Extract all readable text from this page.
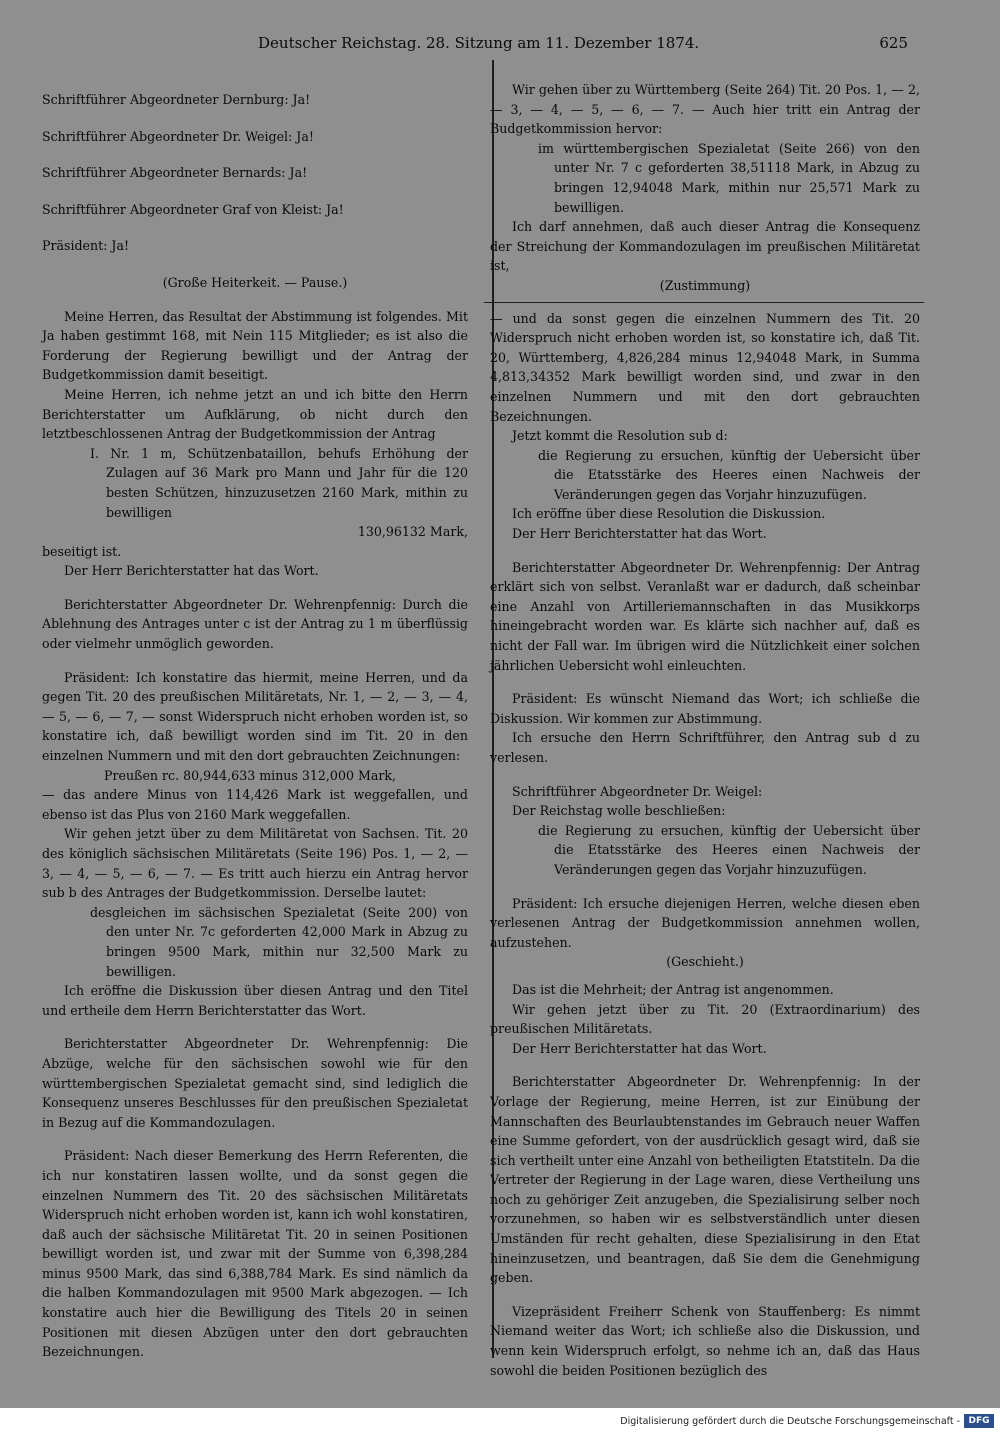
Deutscher Reichstag. 28. Sitzung am 11. Dezember 1874.	625

Schriftführer Abgeordneter Dernburg: Ja!

Schriftführer Abgeordneter Dr. Weigel: Ja!

Schriftführer Abgeordneter Bernards: Ja!

Schriftführer Abgeordneter Graf von Kleist: Ja!

Präsident: Ja!

(Große Heiterkeit. — Pause.)

Meine Herren, das Resultat der Abstimmung ist folgendes. Mit Ja haben gestimmt 168, mit Nein 115 Mitglieder; es ist also die Forderung der Regierung bewilligt und der Antrag der Budgetkommission damit beseitigt.

Meine Herren, ich nehme jetzt an und ich bitte den Herrn Berichterstatter um Aufklärung, ob nicht durch den letztbeschlossenen Antrag der Budgetkommission der Antrag

I. Nr. 1 m, Schützenbataillon, behufs Erhöhung der Zulagen auf 36 Mark pro Mann und Jahr für die 120 besten Schützen, hinzuzusetzen 2160 Mark, mithin zu bewilligen

130,96132 Mark,

beseitigt ist.

Der Herr Berichterstatter hat das Wort.

Berichterstatter Abgeordneter Dr. Wehrenpfennig: Durch die Ablehnung des Antrages unter c ist der Antrag zu 1 m überflüssig oder vielmehr unmöglich geworden.

Präsident: Ich konstatire das hiermit, meine Herren, und da gegen Tit. 20 des preußischen Militäretats, Nr. 1, — 2, — 3, — 4, — 5, — 6, — 7, — sonst Widerspruch nicht erhoben worden ist, so konstatire ich, daß bewilligt worden sind im Tit. 20 in den einzelnen Nummern und mit den dort gebrauchten Zeichnungen:

Preußen rc. 80,944,633 minus 312,000 Mark,

— das andere Minus von 114,426 Mark ist weggefallen, und ebenso ist das Plus von 2160 Mark weggefallen.

Wir gehen jetzt über zu dem Militäretat von Sachsen. Tit. 20 des königlich sächsischen Militäretats (Seite 196) Pos. 1, — 2, — 3, — 4, — 5, — 6, — 7. — Es tritt auch hierzu ein Antrag hervor sub b des Antrages der Budgetkommission. Derselbe lautet:

desgleichen im sächsischen Spezialetat (Seite 200) von den unter Nr. 7c geforderten 42,000 Mark in Abzug zu bringen 9500 Mark, mithin nur 32,500 Mark zu bewilligen.

Ich eröffne die Diskussion über diesen Antrag und den Titel und ertheile dem Herrn Berichterstatter das Wort.

Berichterstatter Abgeordneter Dr. Wehrenpfennig: Die Abzüge, welche für den sächsischen sowohl wie für den württembergischen Spezialetat gemacht sind, sind lediglich die Konsequenz unseres Beschlusses für den preußischen Spezialetat in Bezug auf die Kommandozulagen.

Präsident: Nach dieser Bemerkung des Herrn Referenten, die ich nur konstatiren lassen wollte, und da sonst gegen die einzelnen Nummern des Tit. 20 des sächsischen Militäretats Widerspruch nicht erhoben worden ist, kann ich wohl konstatiren, daß auch der sächsische Militäretat Tit. 20 in seinen Positionen bewilligt worden ist, und zwar mit der Summe von 6,398,284 minus 9500 Mark, das sind 6,388,784 Mark. Es sind nämlich da die halben Kommandozulagen mit 9500 Mark abgezogen. — Ich konstatire auch hier die Bewilligung des Titels 20 in seinen Positionen mit diesen Abzügen unter den dort gebrauchten Bezeichnungen.

Wir gehen über zu Württemberg (Seite 264) Tit. 20 Pos. 1, — 2, — 3, — 4, — 5, — 6, — 7. — Auch hier tritt ein Antrag der Budgetkommission hervor:

im württembergischen Spezialetat (Seite 266) von den unter Nr. 7 c geforderten 38,51118 Mark, in Abzug zu bringen 12,94048 Mark, mithin nur 25,571 Mark zu bewilligen.

Ich darf annehmen, daß auch dieser Antrag die Konsequenz der Streichung der Kommandozulagen im preußischen Militäretat ist,

(Zustimmung)

— und da sonst gegen die einzelnen Nummern des Tit. 20 Widerspruch nicht erhoben worden ist, so konstatire ich, daß Tit. 20, Württemberg, 4,826,284 minus 12,94048 Mark, in Summa 4,813,34352 Mark bewilligt worden sind, und zwar in den einzelnen Nummern und mit den dort gebrauchten Bezeichnungen.

Jetzt kommt die Resolution sub d:

die Regierung zu ersuchen, künftig der Uebersicht über die Etatsstärke des Heeres einen Nachweis der Veränderungen gegen das Vorjahr hinzuzufügen.

Ich eröffne über diese Resolution die Diskussion.

Der Herr Berichterstatter hat das Wort.

Berichterstatter Abgeordneter Dr. Wehrenpfennig: Der Antrag erklärt sich von selbst. Veranlaßt war er dadurch, daß scheinbar eine Anzahl von Artilleriemannschaften in das Musikkorps hineingebracht worden war. Es klärte sich nachher auf, daß es nicht der Fall war. Im übrigen wird die Nützlichkeit einer solchen jährlichen Uebersicht wohl einleuchten.

Präsident: Es wünscht Niemand das Wort; ich schließe die Diskussion. Wir kommen zur Abstimmung.

Ich ersuche den Herrn Schriftführer, den Antrag sub d zu verlesen.

Schriftführer Abgeordneter Dr. Weigel:

Der Reichstag wolle beschließen:

die Regierung zu ersuchen, künftig der Uebersicht über die Etatsstärke des Heeres einen Nachweis der Veränderungen gegen das Vorjahr hinzuzufügen.

Präsident: Ich ersuche diejenigen Herren, welche diesen eben verlesenen Antrag der Budgetkommission annehmen wollen, aufzustehen.

(Geschieht.)

Das ist die Mehrheit; der Antrag ist angenommen.

Wir gehen jetzt über zu Tit. 20 (Extraordinarium) des preußischen Militäretats.

Der Herr Berichterstatter hat das Wort.

Berichterstatter Abgeordneter Dr. Wehrenpfennig: In der Vorlage der Regierung, meine Herren, ist zur Einübung der Mannschaften des Beurlaubtenstandes im Gebrauch neuer Waffen eine Summe gefordert, von der ausdrücklich gesagt wird, daß sie sich vertheilt unter eine Anzahl von betheiligten Etatstiteln. Da die Vertreter der Regierung in der Lage waren, diese Vertheilung uns noch zu gehöriger Zeit anzugeben, die Spezialisirung selber noch vorzunehmen, so haben wir es selbstverständlich unter diesen Umständen für recht gehalten, diese Spezialisirung in den Etat hineinzusetzen, und beantragen, daß Sie dem die Genehmigung geben.

Vizepräsident Freiherr Schenk von Stauffenberg: Es nimmt Niemand weiter das Wort; ich schließe also die Diskussion, und wenn kein Widerspruch erfolgt, so nehme ich an, daß das Haus sowohl die beiden Positionen bezüglich des

Digitalisierung gefördert durch die Deutsche Forschungsgemeinschaft - DFG
